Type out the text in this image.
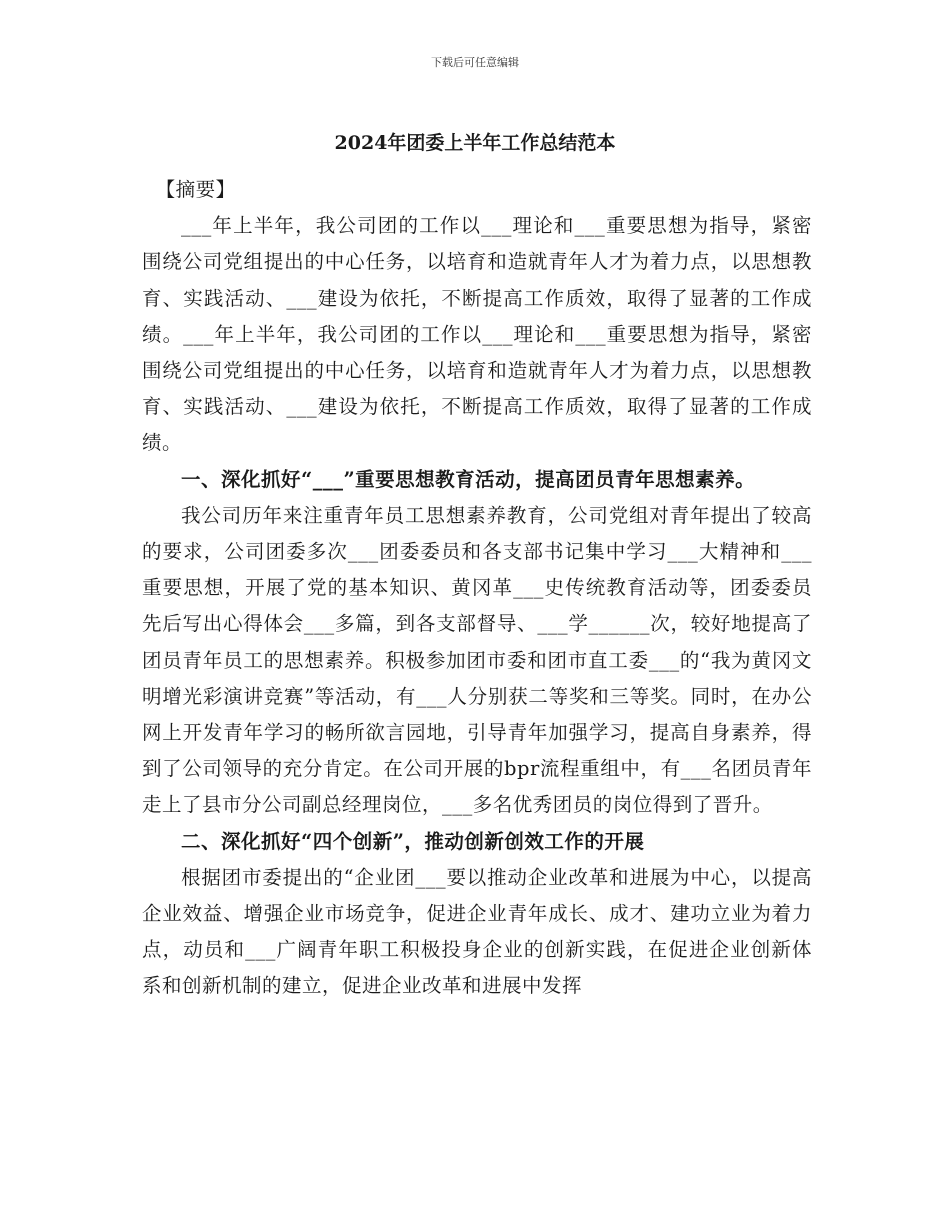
下载后可任意编辑
2024年团委上半年工作总结范本

【摘要】

___年上半年，我公司团的工作以___理论和___重要思想为指导，紧密围绕公司党组提出的中心任务，以培育和造就青年人才为着力点，以思想教育、实践活动、___建设为依托，不断提高工作质效，取得了显著的工作成绩。___年上半年，我公司团的工作以___理论和___重要思想为指导，紧密围绕公司党组提出的中心任务，以培育和造就青年人才为着力点，以思想教育、实践活动、___建设为依托，不断提高工作质效，取得了显著的工作成绩。

一、深化抓好“___”重要思想教育活动，提高团员青年思想素养。

我公司历年来注重青年员工思想素养教育，公司党组对青年提出了较高的要求，公司团委多次___团委委员和各支部书记集中学习___大精神和___重要思想，开展了党的基本知识、黄冈革___史传统教育活动等，团委委员先后写出心得体会___多篇，到各支部督导、___学______次，较好地提高了团员青年员工的思想素养。积极参加团市委和团市直工委___的“我为黄冈文明增光彩演讲竞赛”等活动，有___人分别获二等奖和三等奖。同时，在办公网上开发青年学习的畅所欲言园地，引导青年加强学习，提高自身素养，得到了公司领导的充分肯定。在公司开展的bpr流程重组中，有___名团员青年走上了县市分公司副总经理岗位，___多名优秀团员的岗位得到了晋升。

二、深化抓好“四个创新”，推动创新创效工作的开展

根据团市委提出的“企业团___要以推动企业改革和进展为中心，以提高企业效益、增强企业市场竞争，促进企业青年成长、成才、建功立业为着力点，动员和___广阔青年职工积极投身企业的创新实践，在促进企业创新体系和创新机制的建立，促进企业改革和进展中发挥
